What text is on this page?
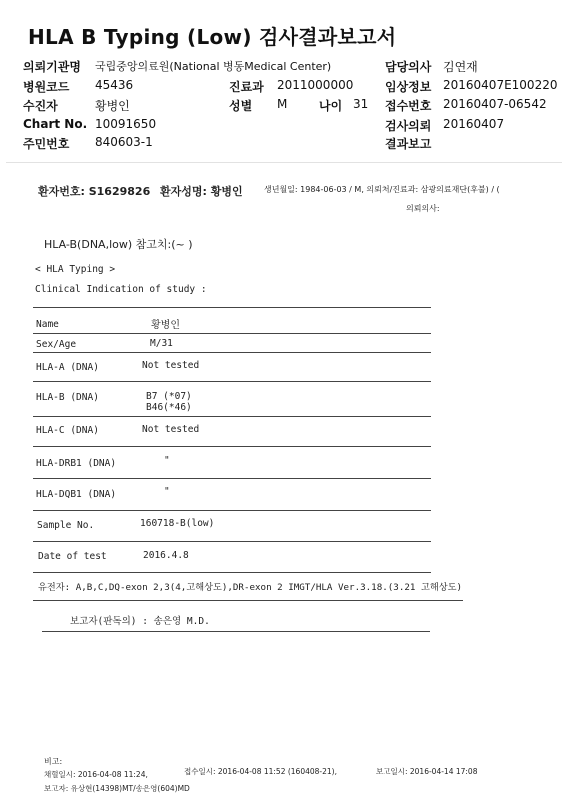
HLA B Typing (Low) 검사결과보고서
의뢰기관명 국립중앙의료원(National 병동Medical Center)	담당의사 김연재
병원코드 45436	진료과 2011000000	임상정보 20160407E100220
수진자	황병인	성별 M	나이 31 접수번호 20160407-06542
Chart No. 10091650	검사의뢰 20160407
주민번호 840603-1	결과보고
환자번호: S1629826 환자성명: 황병인	생년월일: 1984-06-03 / M, 의뢰처/진료과: 삼광의료재단(후불) / (
의뢰의사:
HLA-B(DNA,low) 참고치:(~ )
< HLA Typing >
Clinical Indication of study :
Name	황병인
Sex/Age	M/31
HLA-A (DNA)	Not tested
HLA-B (DNA)	B7 (*07)
B46(*46)
HLA-C (DNA)	Not tested
HLA-DRB1 (DNA)	"
HLA-DQB1 (DNA)	"
Sample No.	160718-B(low)
Date of test	2016.4.8
유전자: A,B,C,DQ-exon 2,3(4,고해상도),DR-exon 2 IMGT/HLA Ver.3.18.(3.21 고해상도)
보고자(판독의) : 송은영 M.D.
비고:
채혈일시: 2016-04-08 11:24,	접수일시: 2016-04-08 11:52 (160408-21),	보고일시: 2016-04-14 17:08
보고자: 유상현(14398)MT/송은영(604)MD
